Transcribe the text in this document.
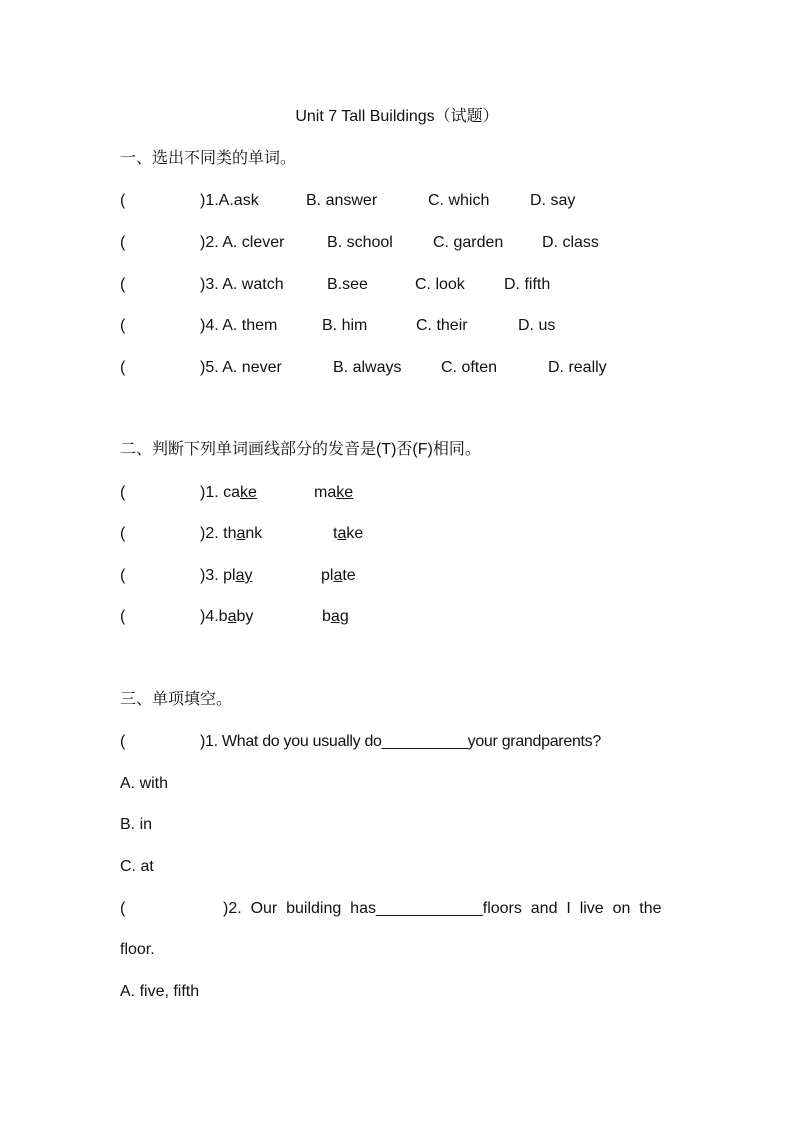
Unit 7 Tall Buildings（试题）
一、选出不同类的单词。
(	)1.A.ask	B. answer	C. which	D. say
(	)2. A. clever	B. school	C. garden D. class
(	)3. A. watch	B.see	C. look D. fifth
(	)4. A. them	B. him	C. their	D. us
(	)5. A. never	B. always C. often	D. really
二、判断下列单词画线部分的发音是(T)否(F)相同。
(	)1. cake	make
(	)2. thank	take
(	)3. play	plate
(	)4.baby	bag
三、单项填空。
(	)1. What do you usually do__________your grandparents?
A. with
B. in
C. at
(	)2.  Our  building  has____________floors  and  I  live  on  the
floor.
A. five, fifth
